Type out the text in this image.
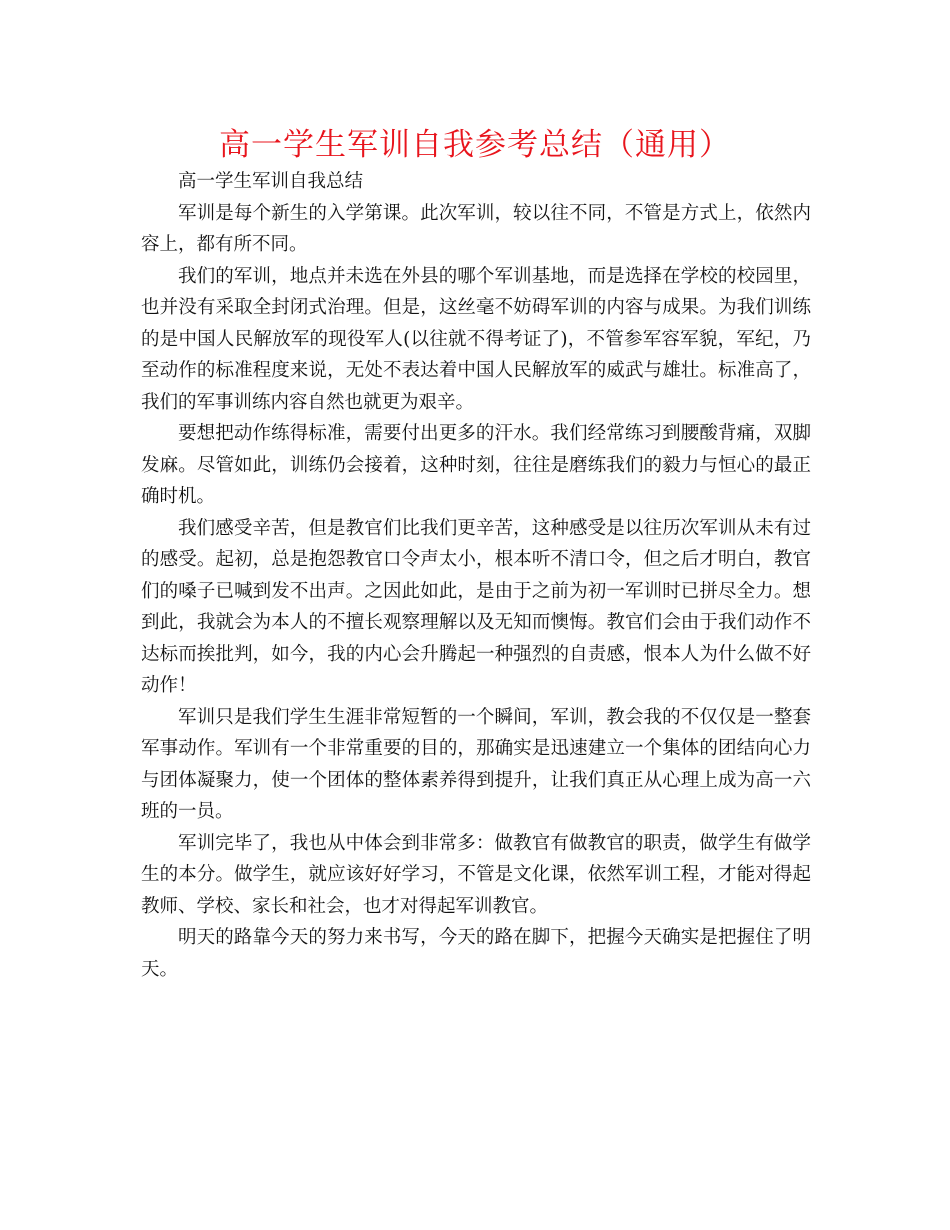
高一学生军训自我参考总结（通用）

高一学生军训自我总结

军训是每个新生的入学第课。此次军训，较以往不同，不管是方式上，依然内容上，都有所不同。

我们的军训，地点并未选在外县的哪个军训基地，而是选择在学校的校园里，也并没有采取全封闭式治理。但是，这丝毫不妨碍军训的内容与成果。为我们训练的是中国人民解放军的现役军人(以往就不得考证了)，不管参军容军貌，军纪，乃至动作的标准程度来说，无处不表达着中国人民解放军的威武与雄壮。标准高了，我们的军事训练内容自然也就更为艰辛。

要想把动作练得标准，需要付出更多的汗水。我们经常练习到腰酸背痛，双脚发麻。尽管如此，训练仍会接着，这种时刻，往往是磨练我们的毅力与恒心的最正确时机。

我们感受辛苦，但是教官们比我们更辛苦，这种感受是以往历次军训从未有过的感受。起初，总是抱怨教官口令声太小，根本听不清口令，但之后才明白，教官们的嗓子已喊到发不出声。之因此如此，是由于之前为初一军训时已拼尽全力。想到此，我就会为本人的不擅长观察理解以及无知而懊悔。教官们会由于我们动作不达标而挨批判，如今，我的内心会升腾起一种强烈的自责感，恨本人为什么做不好动作！

军训只是我们学生生涯非常短暂的一个瞬间，军训，教会我的不仅仅是一整套军事动作。军训有一个非常重要的目的，那确实是迅速建立一个集体的团结向心力与团体凝聚力，使一个团体的整体素养得到提升，让我们真正从心理上成为高一六班的一员。

军训完毕了，我也从中体会到非常多：做教官有做教官的职责，做学生有做学生的本分。做学生，就应该好好学习，不管是文化课，依然军训工程，才能对得起教师、学校、家长和社会，也才对得起军训教官。

明天的路靠今天的努力来书写，今天的路在脚下，把握今天确实是把握住了明天。
